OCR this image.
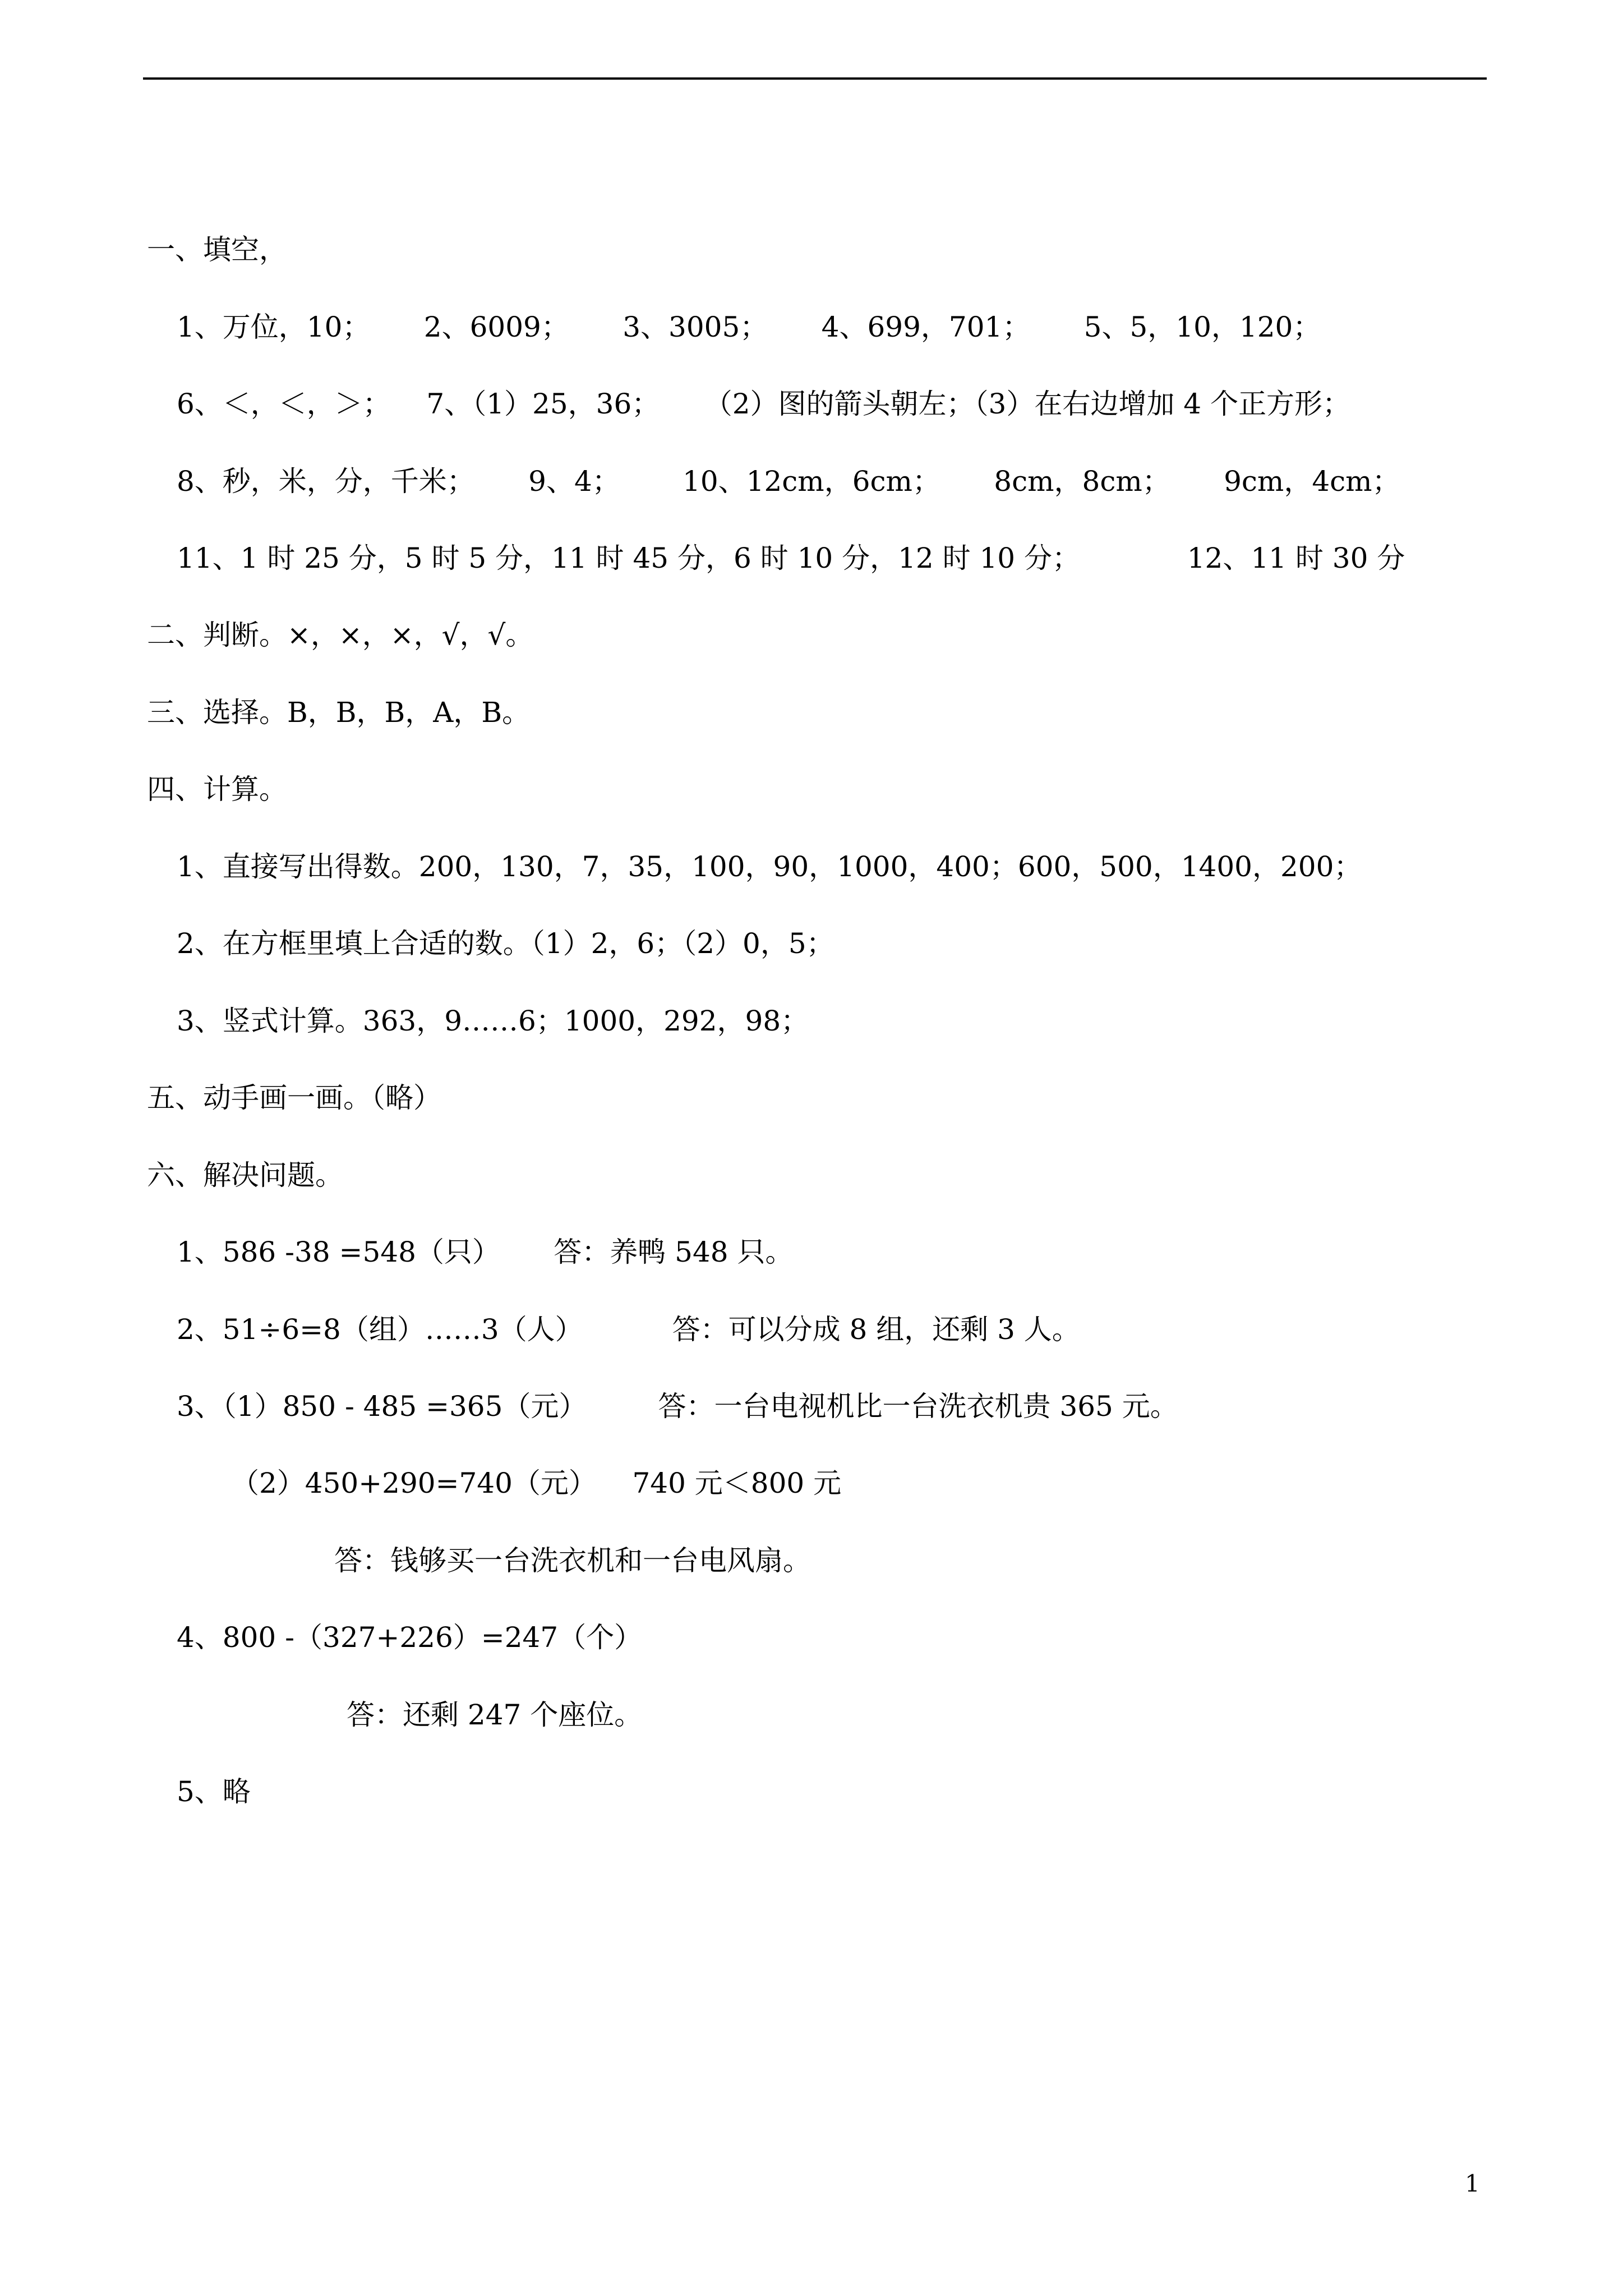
一、填空，
1、万位，10；      2、6009；      3、3005；      4、699，701；      5、5，10，120；
6、＜，＜，＞；    7、（1）25，36；     （2）图的箭头朝左；（3）在右边增加 4 个正方形；
8、秒，米，分，千米；      9、4；       10、12cm，6cm；      8cm，8cm；      9cm，4cm；
11、1 时 25 分，5 时 5 分，11 时 45 分，6 时 10 分，12 时 10 分；            12、11 时 30 分
二、判断。×，×，×，√，√。
三、选择。B，B，B，A，B。
四、计算。
1、直接写出得数。200，130，7，35，100，90，1000，400；600，500，1400，200；
2、在方框里填上合适的数。（1）2，6；（2）0，5；
3、竖式计算。363，9……6；1000，292，98；
五、动手画一画。（略）
六、解决问题。
1、586 -38 =548（只）      答：养鸭 548 只。
2、51÷6=8（组）……3（人）          答：可以分成 8 组，还剩 3 人。
3、（1）850 - 485 =365（元）        答：一台电视机比一台洗衣机贵 365 元。
（2）450+290=740（元）    740 元＜800 元
答：钱够买一台洗衣机和一台电风扇。
4、800 -（327+226）=247（个）
答：还剩 247 个座位。
5、略
1
